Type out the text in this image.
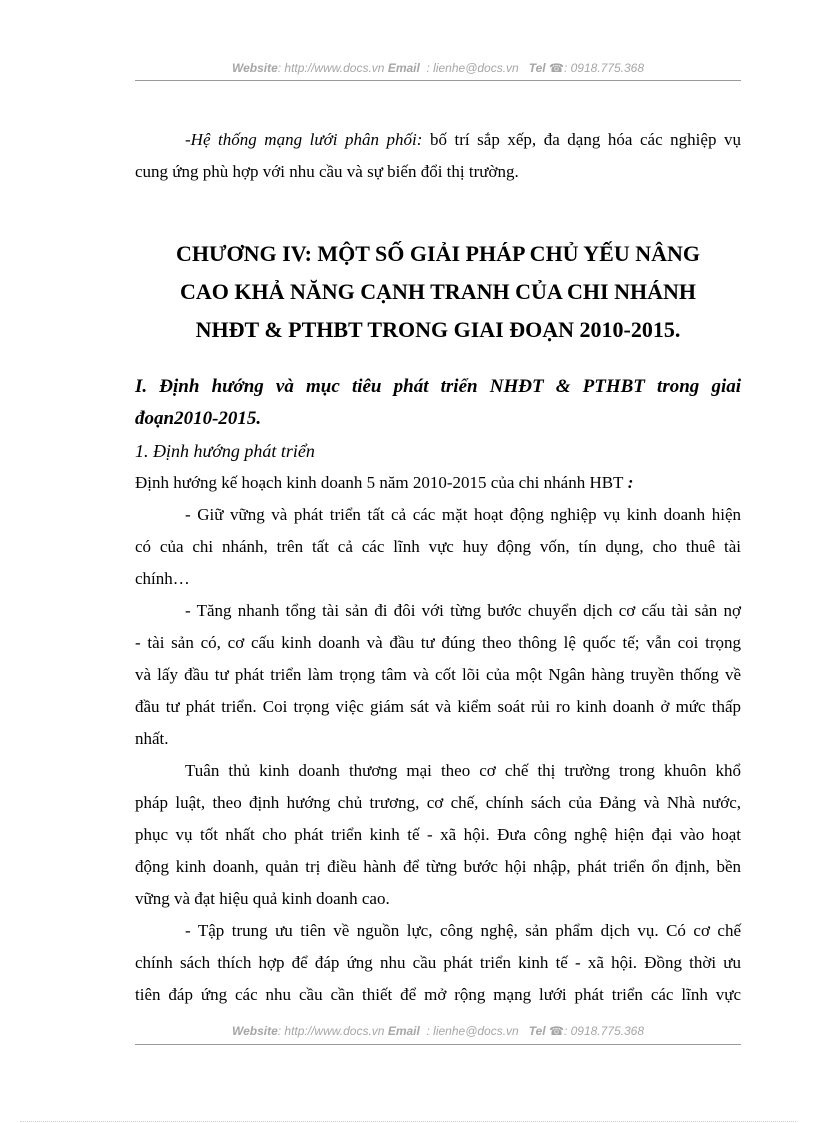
Website: http://www.docs.vn Email : lienhe@docs.vn Tel ☎: 0918.775.368

-Hệ thống mạng lưới phân phối: bố trí sắp xếp, đa dạng hóa các nghiệp vụ

cung ứng phù hợp với nhu cầu và sự biến đổi thị trường.

CHƯƠNG IV: MỘT SỐ GIẢI PHÁP CHỦ YẾU NÂNG
CAO KHẢ NĂNG CẠNH TRANH CỦA CHI NHÁNH
NHĐT & PTHBT TRONG GIAI ĐOẠN 2010-2015.

I. Định hướng và mục tiêu phát triển NHĐT & PTHBT trong giai

đoạn2010-2015.

1. Định hướng phát triển

Định hướng kế hoạch kinh doanh 5 năm 2010-2015 của chi nhánh HBT :

- Giữ vững và phát triển tất cả các mặt hoạt động nghiệp vụ kinh doanh hiện

có của chi nhánh, trên tất cả các lĩnh vực huy động vốn, tín dụng, cho thuê tài

chính…

- Tăng nhanh tổng tài sản đi đôi với từng bước chuyển dịch cơ cấu tài sản nợ

- tài sản có, cơ cấu kinh doanh và đầu tư đúng theo thông lệ quốc tế; vẫn coi trọng

và lấy đầu tư phát triển làm trọng tâm và cốt lõi của một Ngân hàng truyền thống về

đầu tư phát triển. Coi trọng việc giám sát và kiểm soát rủi ro kinh doanh ở mức thấp

nhất.

Tuân thủ kinh doanh thương mại theo cơ chế thị trường trong khuôn khổ

pháp luật, theo định hướng chủ trương, cơ chế, chính sách của Đảng và Nhà nước,

phục vụ tốt nhất cho phát triển kinh tế - xã hội. Đưa công nghệ hiện đại vào hoạt

động kinh doanh, quản trị điều hành để từng bước hội nhập, phát triển ổn định, bền

vững và đạt hiệu quả kinh doanh cao.

- Tập trung ưu tiên về nguồn lực, công nghệ, sản phẩm dịch vụ. Có cơ chế

chính sách thích hợp để đáp ứng nhu cầu phát triển kinh tế - xã hội. Đồng thời ưu

tiên đáp ứng các nhu cầu cần thiết để mở rộng mạng lưới phát triển các lĩnh vực

Website: http://www.docs.vn Email : lienhe@docs.vn Tel ☎: 0918.775.368
